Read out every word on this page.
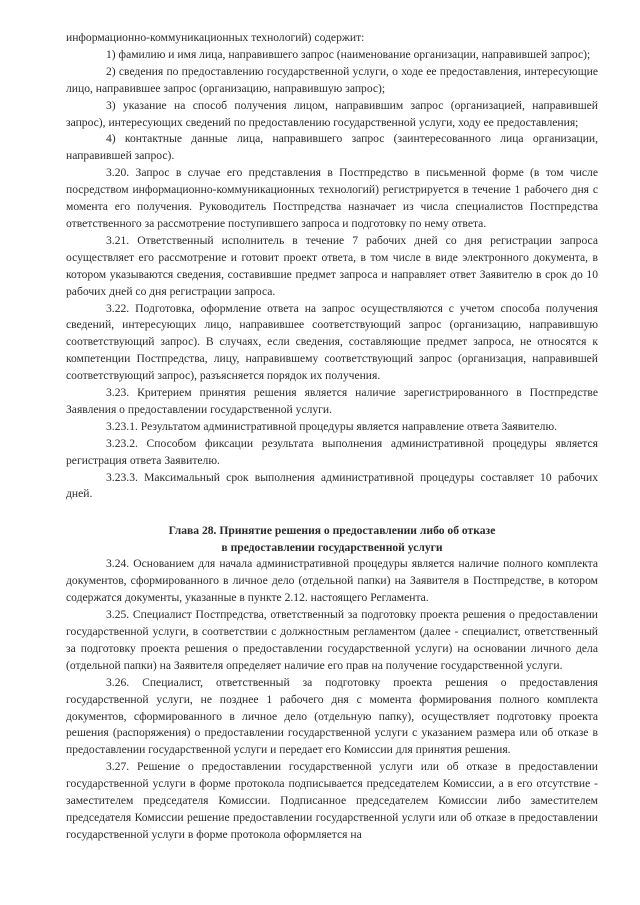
информационно-коммуникационных технологий) содержит:

1) фамилию и имя лица, направившего запрос (наименование организации, направившей запрос);

2) сведения по предоставлению государственной услуги, о ходе ее предоставления, интересующие лицо, направившее запрос (организацию, направившую запрос);

3) указание на способ получения лицом, направившим запрос (организацией, направившей запрос), интересующих сведений по предоставлению государственной услуги, ходу ее предоставления;

4) контактные данные лица, направившего запрос (заинтересованного лица организации, направившей запрос).

3.20. Запрос в случае его представления в Постпредство в письменной форме (в том числе посредством информационно-коммуникационных технологий) регистрируется в течение 1 рабочего дня с момента его получения. Руководитель Постпредства назначает из числа специалистов Постпредства ответственного за рассмотрение поступившего запроса и подготовку по нему ответа.

3.21. Ответственный исполнитель в течение 7 рабочих дней со дня регистрации запроса осуществляет его рассмотрение и готовит проект ответа, в том числе в виде электронного документа, в котором указываются сведения, составившие предмет запроса и направляет ответ Заявителю в срок до 10 рабочих дней со дня регистрации запроса.

3.22. Подготовка, оформление ответа на запрос осуществляются с учетом способа получения сведений, интересующих лицо, направившее соответствующий запрос (организацию, направившую соответствующий запрос). В случаях, если сведения, составляющие предмет запроса, не относятся к компетенции Постпредства, лицу, направившему соответствующий запрос (организация, направившей соответствующий запрос), разъясняется порядок их получения.

3.23. Критерием принятия решения является наличие зарегистрированного в Постпредстве Заявления о предоставлении государственной услуги.

3.23.1. Результатом административной процедуры является направление ответа Заявителю.

3.23.2. Способом фиксации результата выполнения административной процедуры является регистрация ответа Заявителю.

3.23.3. Максимальный срок выполнения административной процедуры составляет 10 рабочих дней.

Глава 28. Принятие решения о предоставлении либо об отказе
в предоставлении государственной услуги

3.24. Основанием для начала административной процедуры является наличие полного комплекта документов, сформированного в личное дело (отдельной папки) на Заявителя в Постпредстве, в котором содержатся документы, указанные в пункте 2.12. настоящего Регламента.

3.25. Специалист Постпредства, ответственный за подготовку проекта решения о предоставлении государственной услуги, в соответствии с должностным регламентом (далее - специалист, ответственный за подготовку проекта решения о предоставлении государственной услуги) на основании личного дела (отдельной папки) на Заявителя определяет наличие его прав на получение государственной услуги.

3.26. Специалист, ответственный за подготовку проекта решения о предоставления государственной услуги, не позднее 1 рабочего дня с момента формирования полного комплекта документов, сформированного в личное дело (отдельную папку), осуществляет подготовку проекта решения (распоряжения) о предоставлении государственной услуги с указанием размера или об отказе в предоставлении государственной услуги и передает его Комиссии для принятия решения.

3.27. Решение о предоставлении государственной услуги или об отказе в предоставлении государственной услуги в форме протокола подписывается председателем Комиссии, а в его отсутствие - заместителем председателя Комиссии. Подписанное председателем Комиссии либо заместителем председателя Комиссии решение предоставлении государственной услуги или об отказе в предоставлении государственной услуги в форме протокола оформляется на
